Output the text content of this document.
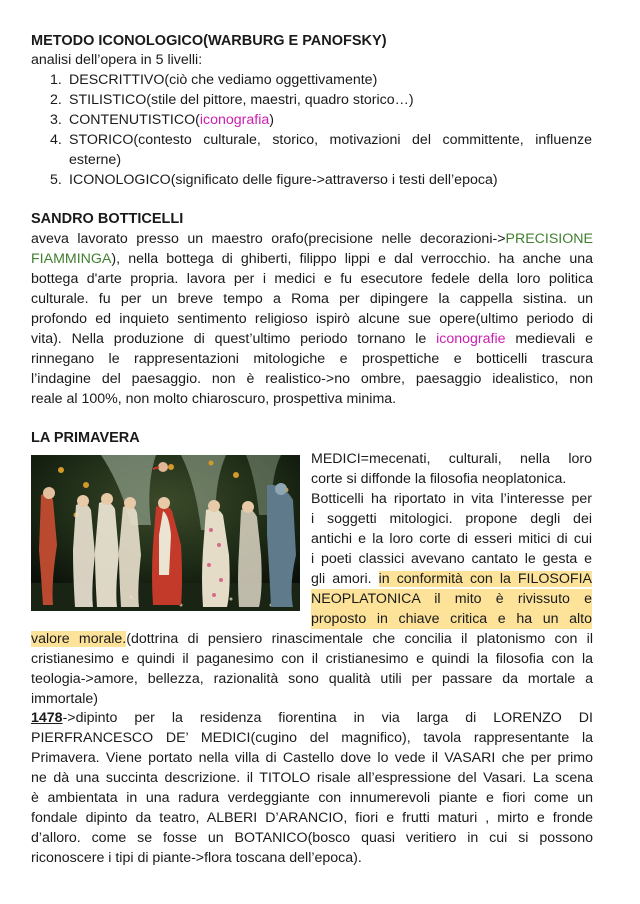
METODO ICONOLOGICO(WARBURG E PANOFSKY)

analisi dell’opera in 5 livelli:

1. DESCRITTIVO(ciò che vediamo oggettivamente)

2. STILISTICO(stile del pittore, maestri, quadro storico…)

3. CONTENUTISTICO(iconografia)

4. STORICO(contesto culturale, storico, motivazioni del committente, influenze

esterne)

5. ICONOLOGICO(significato delle figure->attraverso i testi dell’epoca)

SANDRO BOTTICELLI

aveva lavorato presso un maestro orafo(precisione nelle decorazioni->PRECISIONE

FIAMMINGA), nella bottega di ghiberti, filippo lippi e dal verrocchio. ha anche una

bottega d'arte propria. lavora per i medici e fu esecutore fedele della loro politica

culturale. fu per un breve tempo a Roma per dipingere la cappella sistina. un

profondo ed inquieto sentimento religioso ispirò alcune sue opere(ultimo periodo di

vita). Nella produzione di quest’ultimo periodo tornano le iconografie medievali e

rinnegano le rappresentazioni mitologiche e prospettiche e botticelli trascura

l’indagine del paesaggio. non è realistico->no ombre, paesaggio idealistico, non

reale al 100%, non molto chiaroscuro, prospettiva minima.

LA PRIMAVERA

MEDICI=mecenati, culturali, nella loro

corte si diffonde la filosofia neoplatonica.

Botticelli ha riportato in vita l’interesse per

i soggetti mitologici. propone degli dei

antichi e la loro corte di esseri mitici di cui

i poeti classici avevano cantato le gesta e

gli amori. in conformità con la FILOSOFIA

NEOPLATONICA il mito è rivissuto e

proposto in chiave critica e ha un alto

valore morale.(dottrina di pensiero rinascimentale che concilia il platonismo con il

cristianesimo e quindi il paganesimo con il cristianesimo e quindi la filosofia con la

teologia->amore, bellezza, razionalità sono qualità utili per passare da mortale a

immortale)

1478->dipinto per la residenza fiorentina in via larga di LORENZO DI

PIERFRANCESCO DE’ MEDICI(cugino del magnifico), tavola rappresentante la

Primavera. Viene portato nella villa di Castello dove lo vede il VASARI che per primo

ne dà una succinta descrizione. il TITOLO risale all’espressione del Vasari. La scena

è ambientata in una radura verdeggiante con innumerevoli piante e fiori come un

fondale dipinto da teatro, ALBERI D’ARANCIO, fiori e frutti maturi , mirto e fronde

d’alloro. come se fosse un BOTANICO(bosco quasi veritiero in cui si possono

riconoscere i tipi di piante->flora toscana dell’epoca).
